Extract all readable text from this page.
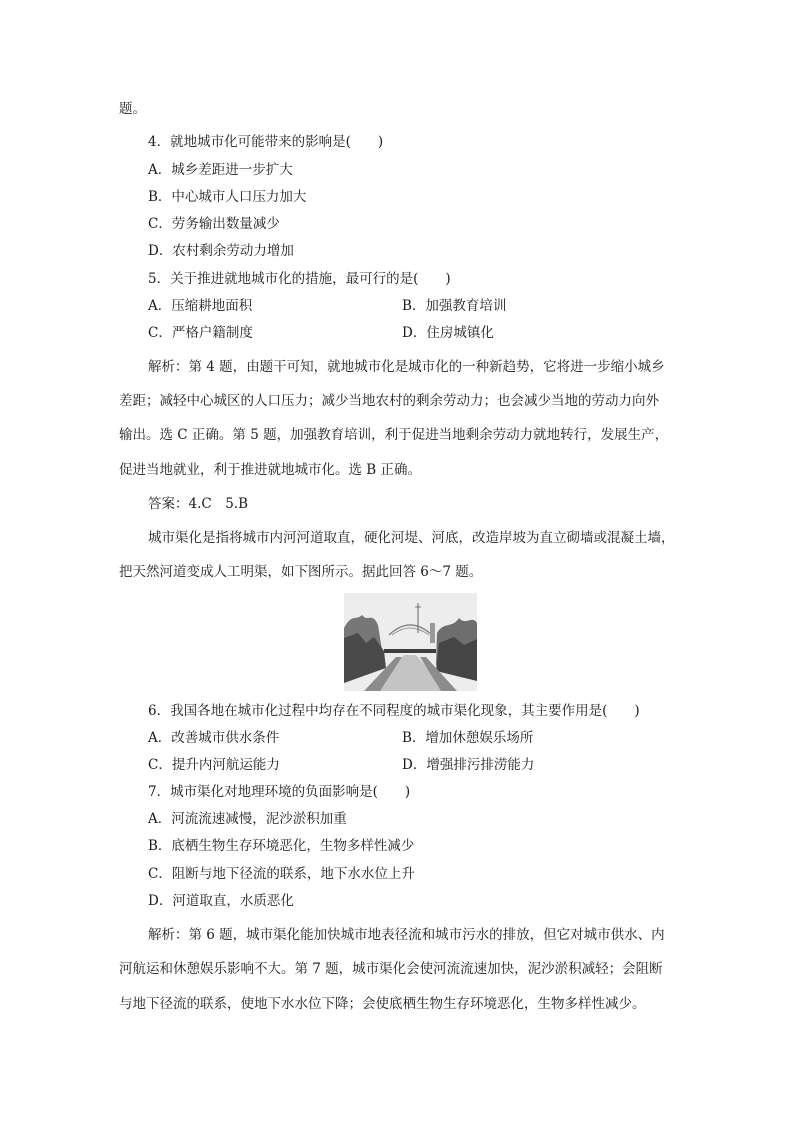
题。
4．就地城市化可能带来的影响是(　　)
A．城乡差距进一步扩大
B．中心城市人口压力加大
C．劳务输出数量减少
D．农村剩余劳动力增加
5．关于推进就地城市化的措施，最可行的是(　　)
A．压缩耕地面积	B．加强教育培训
C．严格户籍制度	D．住房城镇化
解析：第 4 题，由题干可知，就地城市化是城市化的一种新趋势，它将进一步缩小城乡
差距；减轻中心城区的人口压力；减少当地农村的剩余劳动力；也会减少当地的劳动力向外
输出。选 C 正确。第 5 题，加强教育培训，利于促进当地剩余劳动力就地转行，发展生产，
促进当地就业，利于推进就地城市化。选 B 正确。
答案：4.C　5.B
城市渠化是指将城市内河河道取直，硬化河堤、河底，改造岸坡为直立砌墙或混凝土墙，
把天然河道变成人工明渠，如下图所示。据此回答 6～7 题。
6．我国各地在城市化过程中均存在不同程度的城市渠化现象，其主要作用是(　　)
A．改善城市供水条件	B．增加休憩娱乐场所
C．提升内河航运能力	D．增强排污排涝能力
7．城市渠化对地理环境的负面影响是(　　)
A．河流流速减慢，泥沙淤积加重
B．底栖生物生存环境恶化，生物多样性减少
C．阻断与地下径流的联系，地下水水位上升
D．河道取直，水质恶化
解析：第 6 题，城市渠化能加快城市地表径流和城市污水的排放，但它对城市供水、内
河航运和休憩娱乐影响不大。第 7 题，城市渠化会使河流流速加快，泥沙淤积减轻；会阻断
与地下径流的联系，使地下水水位下降；会使底栖生物生存环境恶化，生物多样性减少。
